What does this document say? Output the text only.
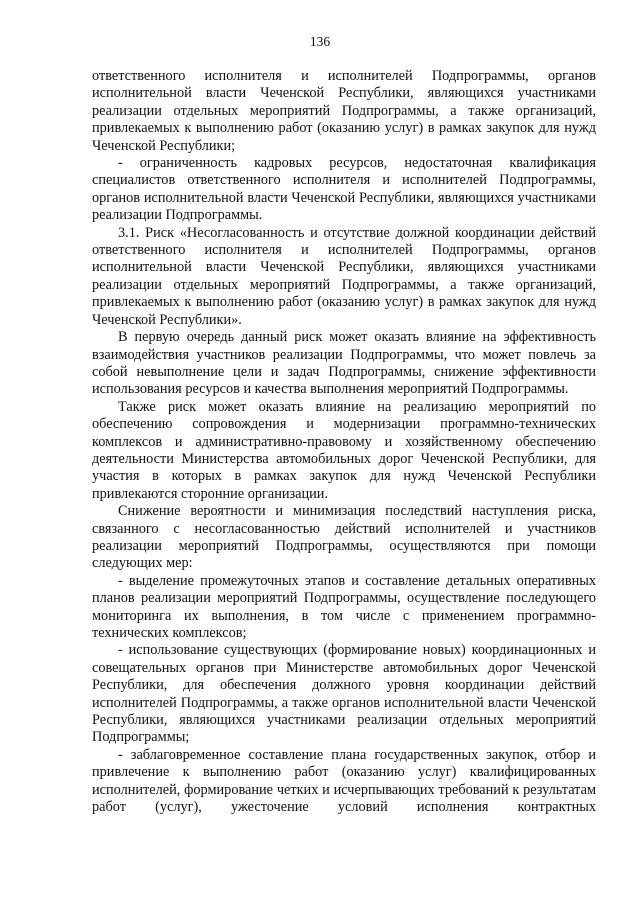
136

ответственного исполнителя и исполнителей Подпрограммы, органов исполнительной власти Чеченской Республики, являющихся участниками реализации отдельных мероприятий Подпрограммы, а также организаций, привлекаемых к выполнению работ (оказанию услуг) в рамках закупок для нужд Чеченской Республики;

- ограниченность кадровых ресурсов, недостаточная квалификация специалистов ответственного исполнителя и исполнителей Подпрограммы, органов исполнительной власти Чеченской Республики, являющихся участниками реализации Подпрограммы.

3.1. Риск «Несогласованность и отсутствие должной координации действий ответственного исполнителя и исполнителей Подпрограммы, органов исполнительной власти Чеченской Республики, являющихся участниками реализации отдельных мероприятий Подпрограммы, а также организаций, привлекаемых к выполнению работ (оказанию услуг) в рамках закупок для нужд Чеченской Республики».

В первую очередь данный риск может оказать влияние на эффективность взаимодействия участников реализации Подпрограммы, что может повлечь за собой невыполнение цели и задач Подпрограммы, снижение эффективности использования ресурсов и качества выполнения мероприятий Подпрограммы.

Также риск может оказать влияние на реализацию мероприятий по обеспечению сопровождения и модернизации программно-технических комплексов и административно-правовому и хозяйственному обеспечению деятельности Министерства автомобильных дорог Чеченской Республики, для участия в которых в рамках закупок для нужд Чеченской Республики привлекаются сторонние организации.

Снижение вероятности и минимизация последствий наступления риска, связанного с несогласованностью действий исполнителей и участников реализации мероприятий Подпрограммы, осуществляются при помощи следующих мер:

- выделение промежуточных этапов и составление детальных оперативных планов реализации мероприятий Подпрограммы, осуществление последующего мониторинга их выполнения, в том числе с применением программно-технических комплексов;

- использование существующих (формирование новых) координационных и совещательных органов при Министерстве автомобильных дорог Чеченской Республики, для обеспечения должного уровня координации действий исполнителей Подпрограммы, а также органов исполнительной власти Чеченской Республики, являющихся участниками реализации отдельных мероприятий Подпрограммы;

- заблаговременное составление плана государственных закупок, отбор и привлечение к выполнению работ (оказанию услуг) квалифицированных исполнителей, формирование четких и исчерпывающих требований к результатам работ (услуг), ужесточение условий исполнения контрактных
